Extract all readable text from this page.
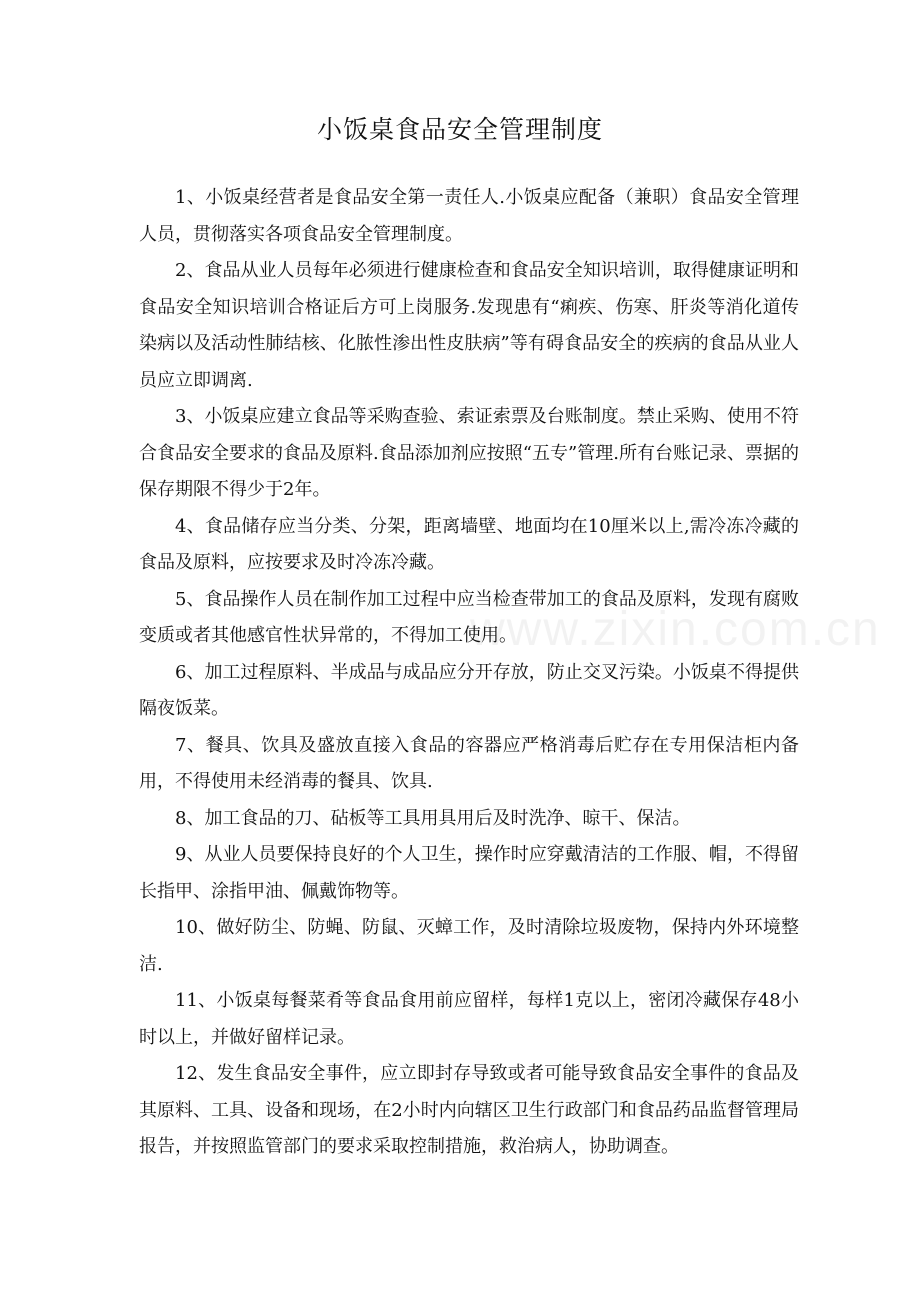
小饭桌食品安全管理制度
www.zixin.com.cn

1、小饭桌经营者是食品安全第一责任人.小饭桌应配备（兼职）食品安全管理人员，贯彻落实各项食品安全管理制度。

2、食品从业人员每年必须进行健康检查和食品安全知识培训，取得健康证明和食品安全知识培训合格证后方可上岗服务.发现患有“痢疾、伤寒、肝炎等消化道传染病以及活动性肺结核、化脓性渗出性皮肤病”等有碍食品安全的疾病的食品从业人员应立即调离.

3、小饭桌应建立食品等采购查验、索证索票及台账制度。禁止采购、使用不符合食品安全要求的食品及原料.食品添加剂应按照“五专”管理.所有台账记录、票据的保存期限不得少于2年。

4、食品储存应当分类、分架，距离墙壁、地面均在10厘米以上,需冷冻冷藏的食品及原料，应按要求及时冷冻冷藏。

5、食品操作人员在制作加工过程中应当检查带加工的食品及原料，发现有腐败变质或者其他感官性状异常的，不得加工使用。

6、加工过程原料、半成品与成品应分开存放，防止交叉污染。小饭桌不得提供隔夜饭菜。

7、餐具、饮具及盛放直接入食品的容器应严格消毒后贮存在专用保洁柜内备用，不得使用未经消毒的餐具、饮具.

8、加工食品的刀、砧板等工具用具用后及时洗净、晾干、保洁。

9、从业人员要保持良好的个人卫生，操作时应穿戴清洁的工作服、帽，不得留长指甲、涂指甲油、佩戴饰物等。

10、做好防尘、防蝇、防鼠、灭蟑工作，及时清除垃圾废物，保持内外环境整洁.

11、小饭桌每餐菜肴等食品食用前应留样，每样1克以上，密闭冷藏保存48小时以上，并做好留样记录。

12、发生食品安全事件，应立即封存导致或者可能导致食品安全事件的食品及其原料、工具、设备和现场，在2小时内向辖区卫生行政部门和食品药品监督管理局报告，并按照监管部门的要求采取控制措施，救治病人，协助调查。
